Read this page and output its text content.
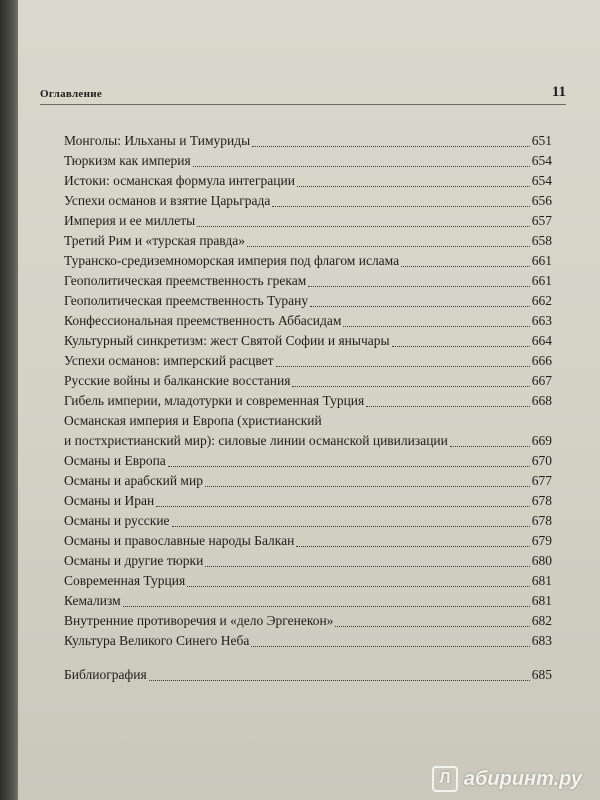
Оглавление	11
Монголы: Ильханы и Тимуриды	651
Тюркизм как империя	654
Истоки: османская формула интеграции	654
Успехи османов и взятие Царьграда	656
Империя и ее миллеты	657
Третий Рим и «турская правда»	658
Туранско-средиземноморская империя под флагом ислама	661
Геополитическая преемственность грекам	661
Геополитическая преемственность Турану	662
Конфессиональная преемственность Аббасидам	663
Культурный синкретизм: жест Святой Софии и янычары	664
Успехи османов: имперский расцвет	666
Русские войны и балканские восстания	667
Гибель империи, младотурки и современная Турция	668
Османская империя и Европа (христианский
и постхристианский мир): силовые линии османской цивилизации	669
Османы и Европа	670
Османы и арабский мир	677
Османы и Иран	678
Османы и русские	678
Османы и православные народы Балкан	679
Османы и другие тюрки	680
Современная Турция	681
Кемализм	681
Внутренние противоречия и «дело Эргенекон»	682
Культура Великого Синего Неба	683
Библиография	685
Л абиринт.ру
